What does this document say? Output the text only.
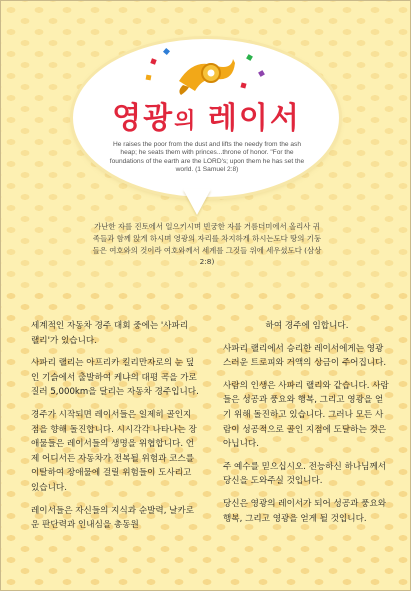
영광의 레이서
He raises the poor from the dust and lifts the needy from the ash heap; he seats them with princes...throne of honor. "For the foundations of the earth are the LORD's; upon them he has set the world. (1 Samuel 2:8)
가난한 자를 진토에서 일으키시며 빈궁한 자를 거름더미에서 올리사 귀족들과 함께 앉게 하시며 영광의 자리를 차지하게 하시는도다 땅의 기둥들은 여호와의 것이라 여호와께서 세계를 그것들 위에 세우셨도다 (삼상 2:8)

세계적인 자동차 경주 대회 중에는 '사파리 랠리'가 있습니다.

사파리 랠리는 아프리카 킬리만자로의 눈 덮인 기슭에서 출발하여 케냐의 대평 곡을 가로질러 5,000km을 달리는 자동차 경주입니다.

경주가 시작되면 레이서들은 일제히 골인지점을 향해 돌진합니다. 시시각각 나타나는 장애물들은 레이서들의 생명을 위협합니다. 언제 어디서든 자동차가 전복될 위험과 코스를 이탈하여 장애물에 걸릴 위험들이 도사리고 있습니다.

레이서들은 자신들의 지식과 순발력, 날카로운 판단력과 인내심을 총동원

하여 경주에 임합니다.

사파리 랠리에서 승리한 레이서에게는 영광스러운 트로피와 거액의 상금이 주어집니다.

사람의 인생은 사파리 랠리와 같습니다. 사람들은 성공과 풍요와 행복, 그리고 영광을 얻기 위해 돌진하고 있습니다. 그러나 모든 사람이 성공적으로 골인 지점에 도달하는 것은 아닙니다.

주 예수를 믿으십시오. 전능하신 하나님께서 당신을 도와주실 것입니다.

당신은 영광의 레이서가 되어 성공과 풍요와 행복, 그리고 영광을 얻게 될 것입니다.
